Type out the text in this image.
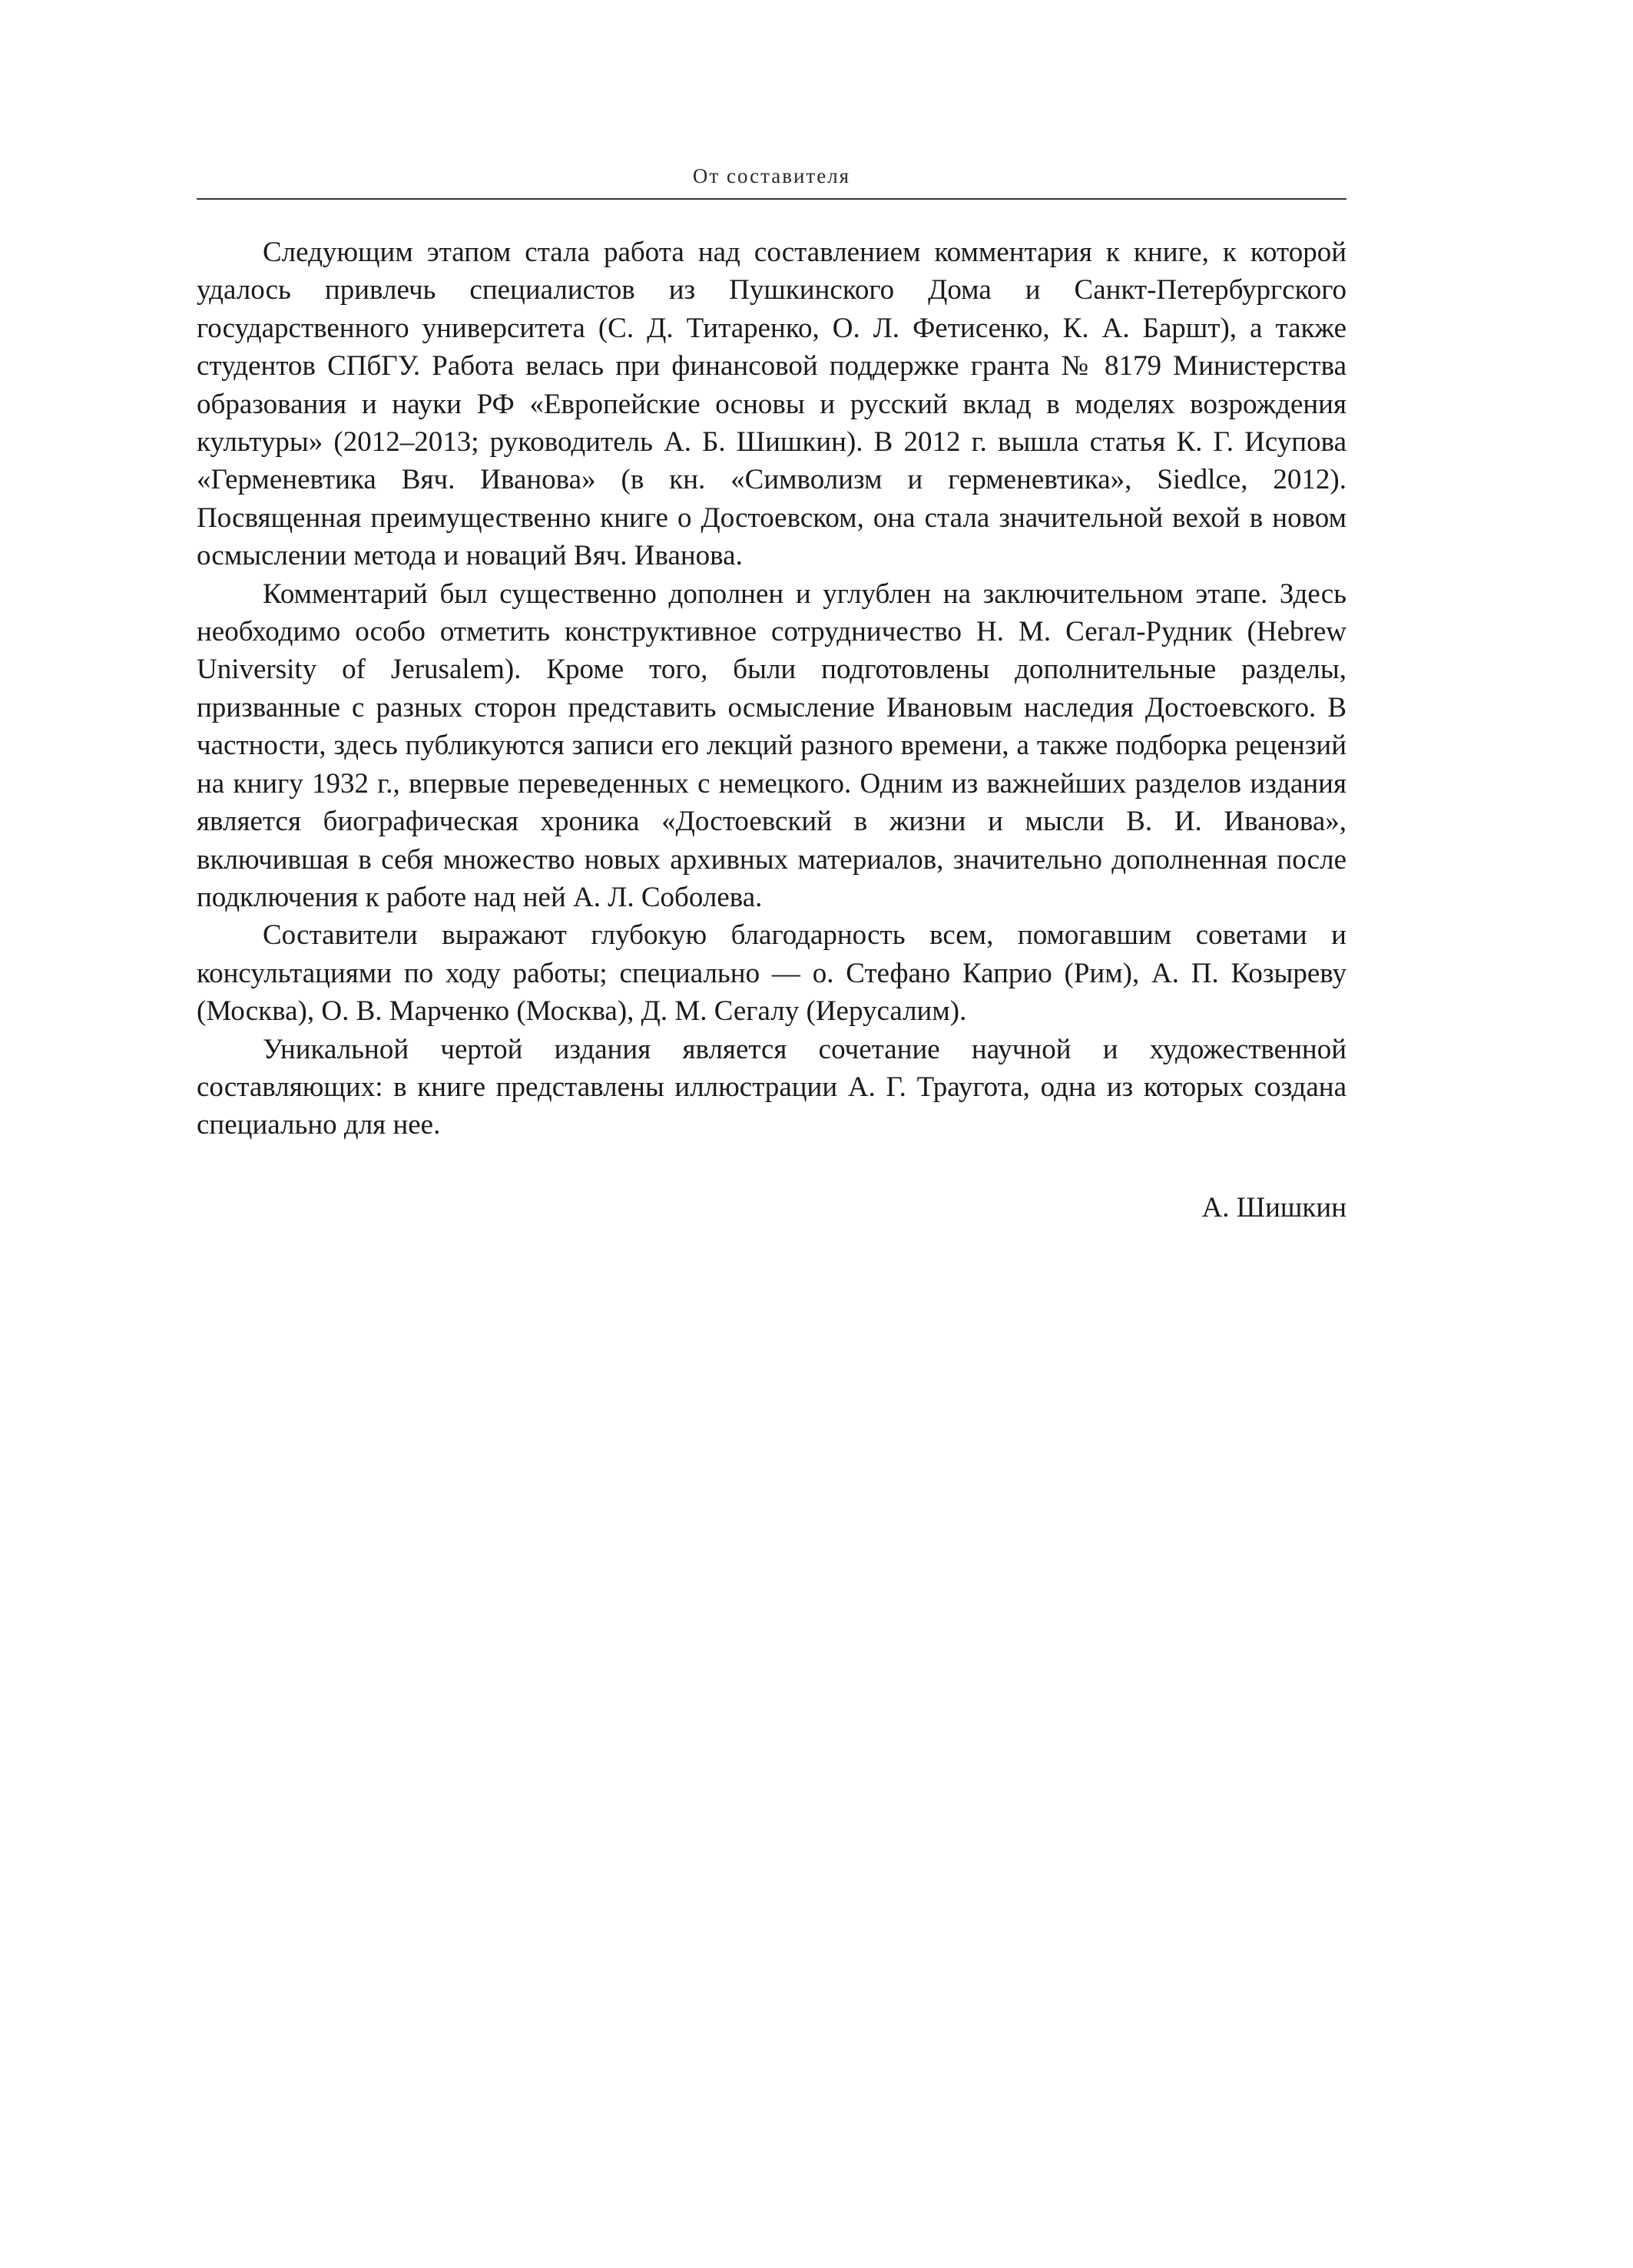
От составителя

Следующим этапом стала работа над составлением комментария к книге, к которой удалось привлечь специалистов из Пушкинского Дома и Санкт-Петербургского государственного университета (С. Д. Титаренко, О. Л. Фетисенко, К. А. Баршт), а также студентов СПбГУ. Работа велась при финансовой поддержке гранта № 8179 Министерства образования и науки РФ «Европейские основы и русский вклад в моделях возрождения культуры» (2012–2013; руководитель А. Б. Шишкин). В 2012 г. вышла статья К. Г. Исупова «Герменевтика Вяч. Иванова» (в кн. «Символизм и герменевтика», Siedlce, 2012). Посвященная преимущественно книге о Достоевском, она стала значительной вехой в новом осмыслении метода и новаций Вяч. Иванова.

Комментарий был существенно дополнен и углублен на заключительном этапе. Здесь необходимо особо отметить конструктивное сотрудничество Н. М. Сегал-Рудник (Hebrew University of Jerusalem). Кроме того, были подготовлены дополнительные разделы, призванные с разных сторон представить осмысление Ивановым наследия Достоевского. В частности, здесь публикуются записи его лекций разного времени, а также подборка рецензий на книгу 1932 г., впервые переведенных с немецкого. Одним из важнейших разделов издания является биографическая хроника «Достоевский в жизни и мысли В. И. Иванова», включившая в себя множество новых архивных материалов, значительно дополненная после подключения к работе над ней А. Л. Соболева.

Составители выражают глубокую благодарность всем, помогавшим советами и консультациями по ходу работы; специально — о. Стефано Каприо (Рим), А. П. Козыреву (Москва), О. В. Марченко (Москва), Д. М. Сегалу (Иерусалим).

Уникальной чертой издания является сочетание научной и художественной составляющих: в книге представлены иллюстрации А. Г. Траугота, одна из которых создана специально для нее.

А. Шишкин
